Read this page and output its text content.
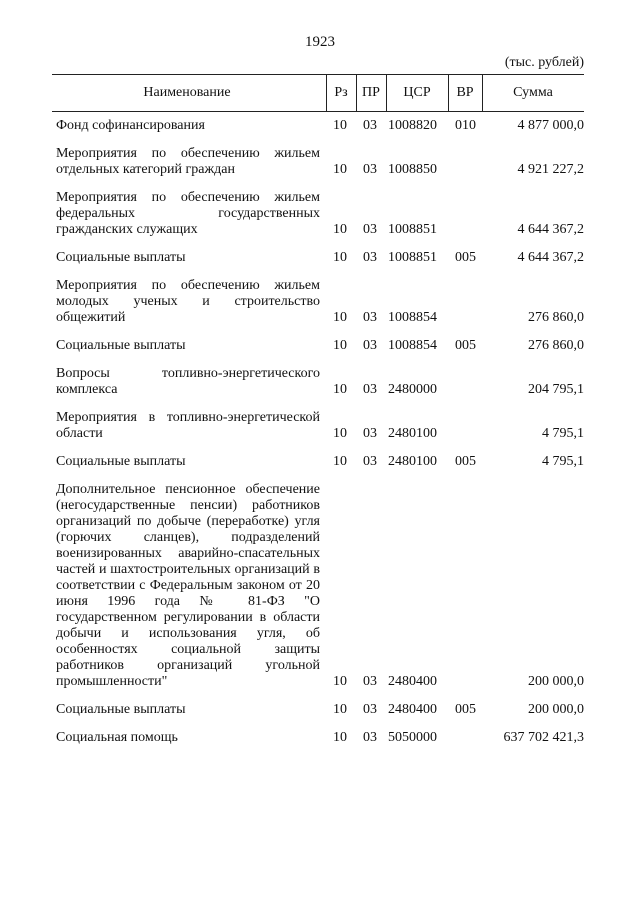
1923
(тыс. рублей)
Наименование	Рз	ПР	ЦСР	ВР	Сумма
Фонд софинансирования	10 03 1008820 010	4 877 000,0
Мероприятия по обеспечению жильем отдельных категорий граждан	10 03 1008850	4 921 227,2
Мероприятия по обеспечению жильем федеральных государственных гражданских служащих	10 03 1008851	4 644 367,2
Социальные выплаты	10 03 1008851 005	4 644 367,2
Мероприятия по обеспечению жильем молодых ученых и строительство общежитий	10 03 1008854	276 860,0
Социальные выплаты	10 03 1008854 005	276 860,0
Вопросы топливно-энергетического комплекса	10 03 2480000	204 795,1
Мероприятия в топливно-энергетической области	10 03 2480100	4 795,1
Социальные выплаты	10 03 2480100 005	4 795,1
Дополнительное пенсионное обеспечение (негосударственные пенсии) работников организаций по добыче (переработке) угля (горючих сланцев), подразделений военизированных аварийно-спасательных частей и шахтостроительных организаций в соответствии с Федеральным законом от 20 июня 1996 года № 81-ФЗ "О государственном регулировании в области добычи и использования угля, об особенностях социальной защиты работников организаций угольной промышленности"	10 03 2480400	200 000,0
Социальные выплаты	10 03 2480400 005	200 000,0
Социальная помощь	10 03 5050000	637 702 421,3
